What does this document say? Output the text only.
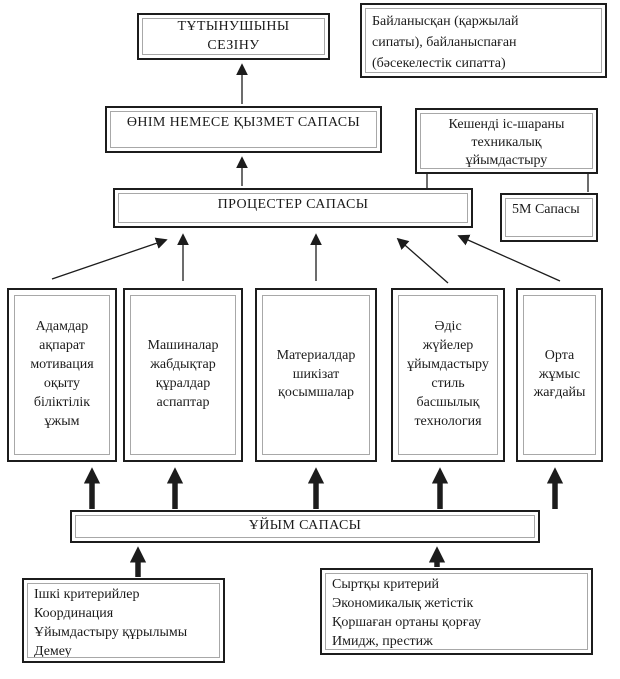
ТҰТЫНУШЫНЫ
СЕЗІНУ
Байланысқан (қаржылай
сипаты), байланыспаған
(бәсекелестік сипатта)
ӨНІМ НЕМЕСЕ ҚЫЗМЕТ САПАСЫ	Кешенді іс-шараны
техникалық
ұйымдастыру
ПРОЦЕСТЕР САПАСЫ	5М Сапасы
Адамдар
ақпарат
мотивация
оқыту
біліктілік
ұжым
Машиналар
жабдықтар
құралдар
аспаптар
Материалдар
шикізат
қосымшалар
Әдіс
жүйелер
ұйымдастыру
стиль
басшылық
технология
Орта
жұмыс
жағдайы
ҰЙЫМ САПАСЫ
Ішкі критерийлер
Координация
Ұйымдастыру құрылымы
Демеу
Сыртқы критерий
Экономикалық жетістік
Қоршаған ортаны қорғау
Имидж, престиж
